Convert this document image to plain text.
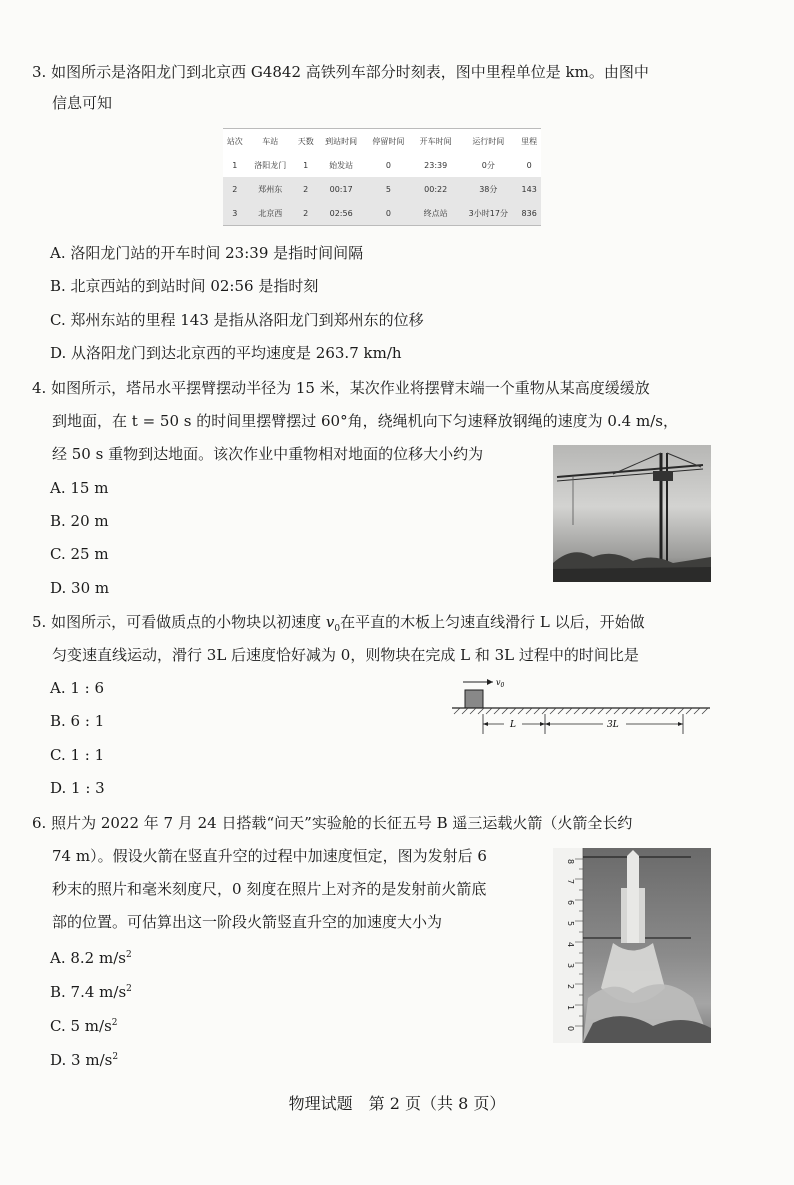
3. 如图所示是洛阳龙门到北京西 G4842 高铁列车部分时刻表，图中里程单位是 km。由图中
信息可知
站次	车站	天数	到站时间	停留时间	开车时间	运行时间	里程
1	洛阳龙门	1	始发站	0	23:39	0分	0
2	郑州东	2	00:17	5	00:22	38分	143
3	北京西	2	02:56	0	终点站	3小时17分	836
A. 洛阳龙门站的开车时间 23:39 是指时间间隔
B. 北京西站的到站时间 02:56 是指时刻
C. 郑州东站的里程 143 是指从洛阳龙门到郑州东的位移
D. 从洛阳龙门到达北京西的平均速度是 263.7 km/h
4. 如图所示，塔吊水平摆臂摆动半径为 15 米，某次作业将摆臂末端一个重物从某高度缓缓放
到地面，在 t = 50 s 的时间里摆臂摆过 60°角，绕绳机向下匀速释放钢绳的速度为 0.4 m/s，
经 50 s 重物到达地面。该次作业中重物相对地面的位移大小约为
A. 15 m
B. 20 m
C. 25 m
D. 30 m
5. 如图所示，可看做质点的小物块以初速度 $v_0$在平直的木板上匀速直线滑行 L 以后，开始做
匀变速直线运动，滑行 3L 后速度恰好减为 0，则物块在完成 L 和 3L 过程中的时间比是
A. 1 : 6
B. 6 : 1
C. 1 : 1
D. 1 : 3
$v_0$
L	3L
6. 照片为 2022 年 7 月 24 日搭载“问天”实验舱的长征五号 B 遥三运载火箭（火箭全长约
74 m）。假设火箭在竖直升空的过程中加速度恒定，图为发射后 6
秒末的照片和毫米刻度尺，0 刻度在照片上对齐的是发射前火箭底
部的位置。可估算出这一阶段火箭竖直升空的加速度大小为
A. 8.2 $m/s^2$
B. 7.4 $m/s^2$
C. 5 $m/s^2$
D. 3 $m/s^2$
8
7
6
5
4
3
2
1
0
物理试题　第 2 页（共 8 页）
